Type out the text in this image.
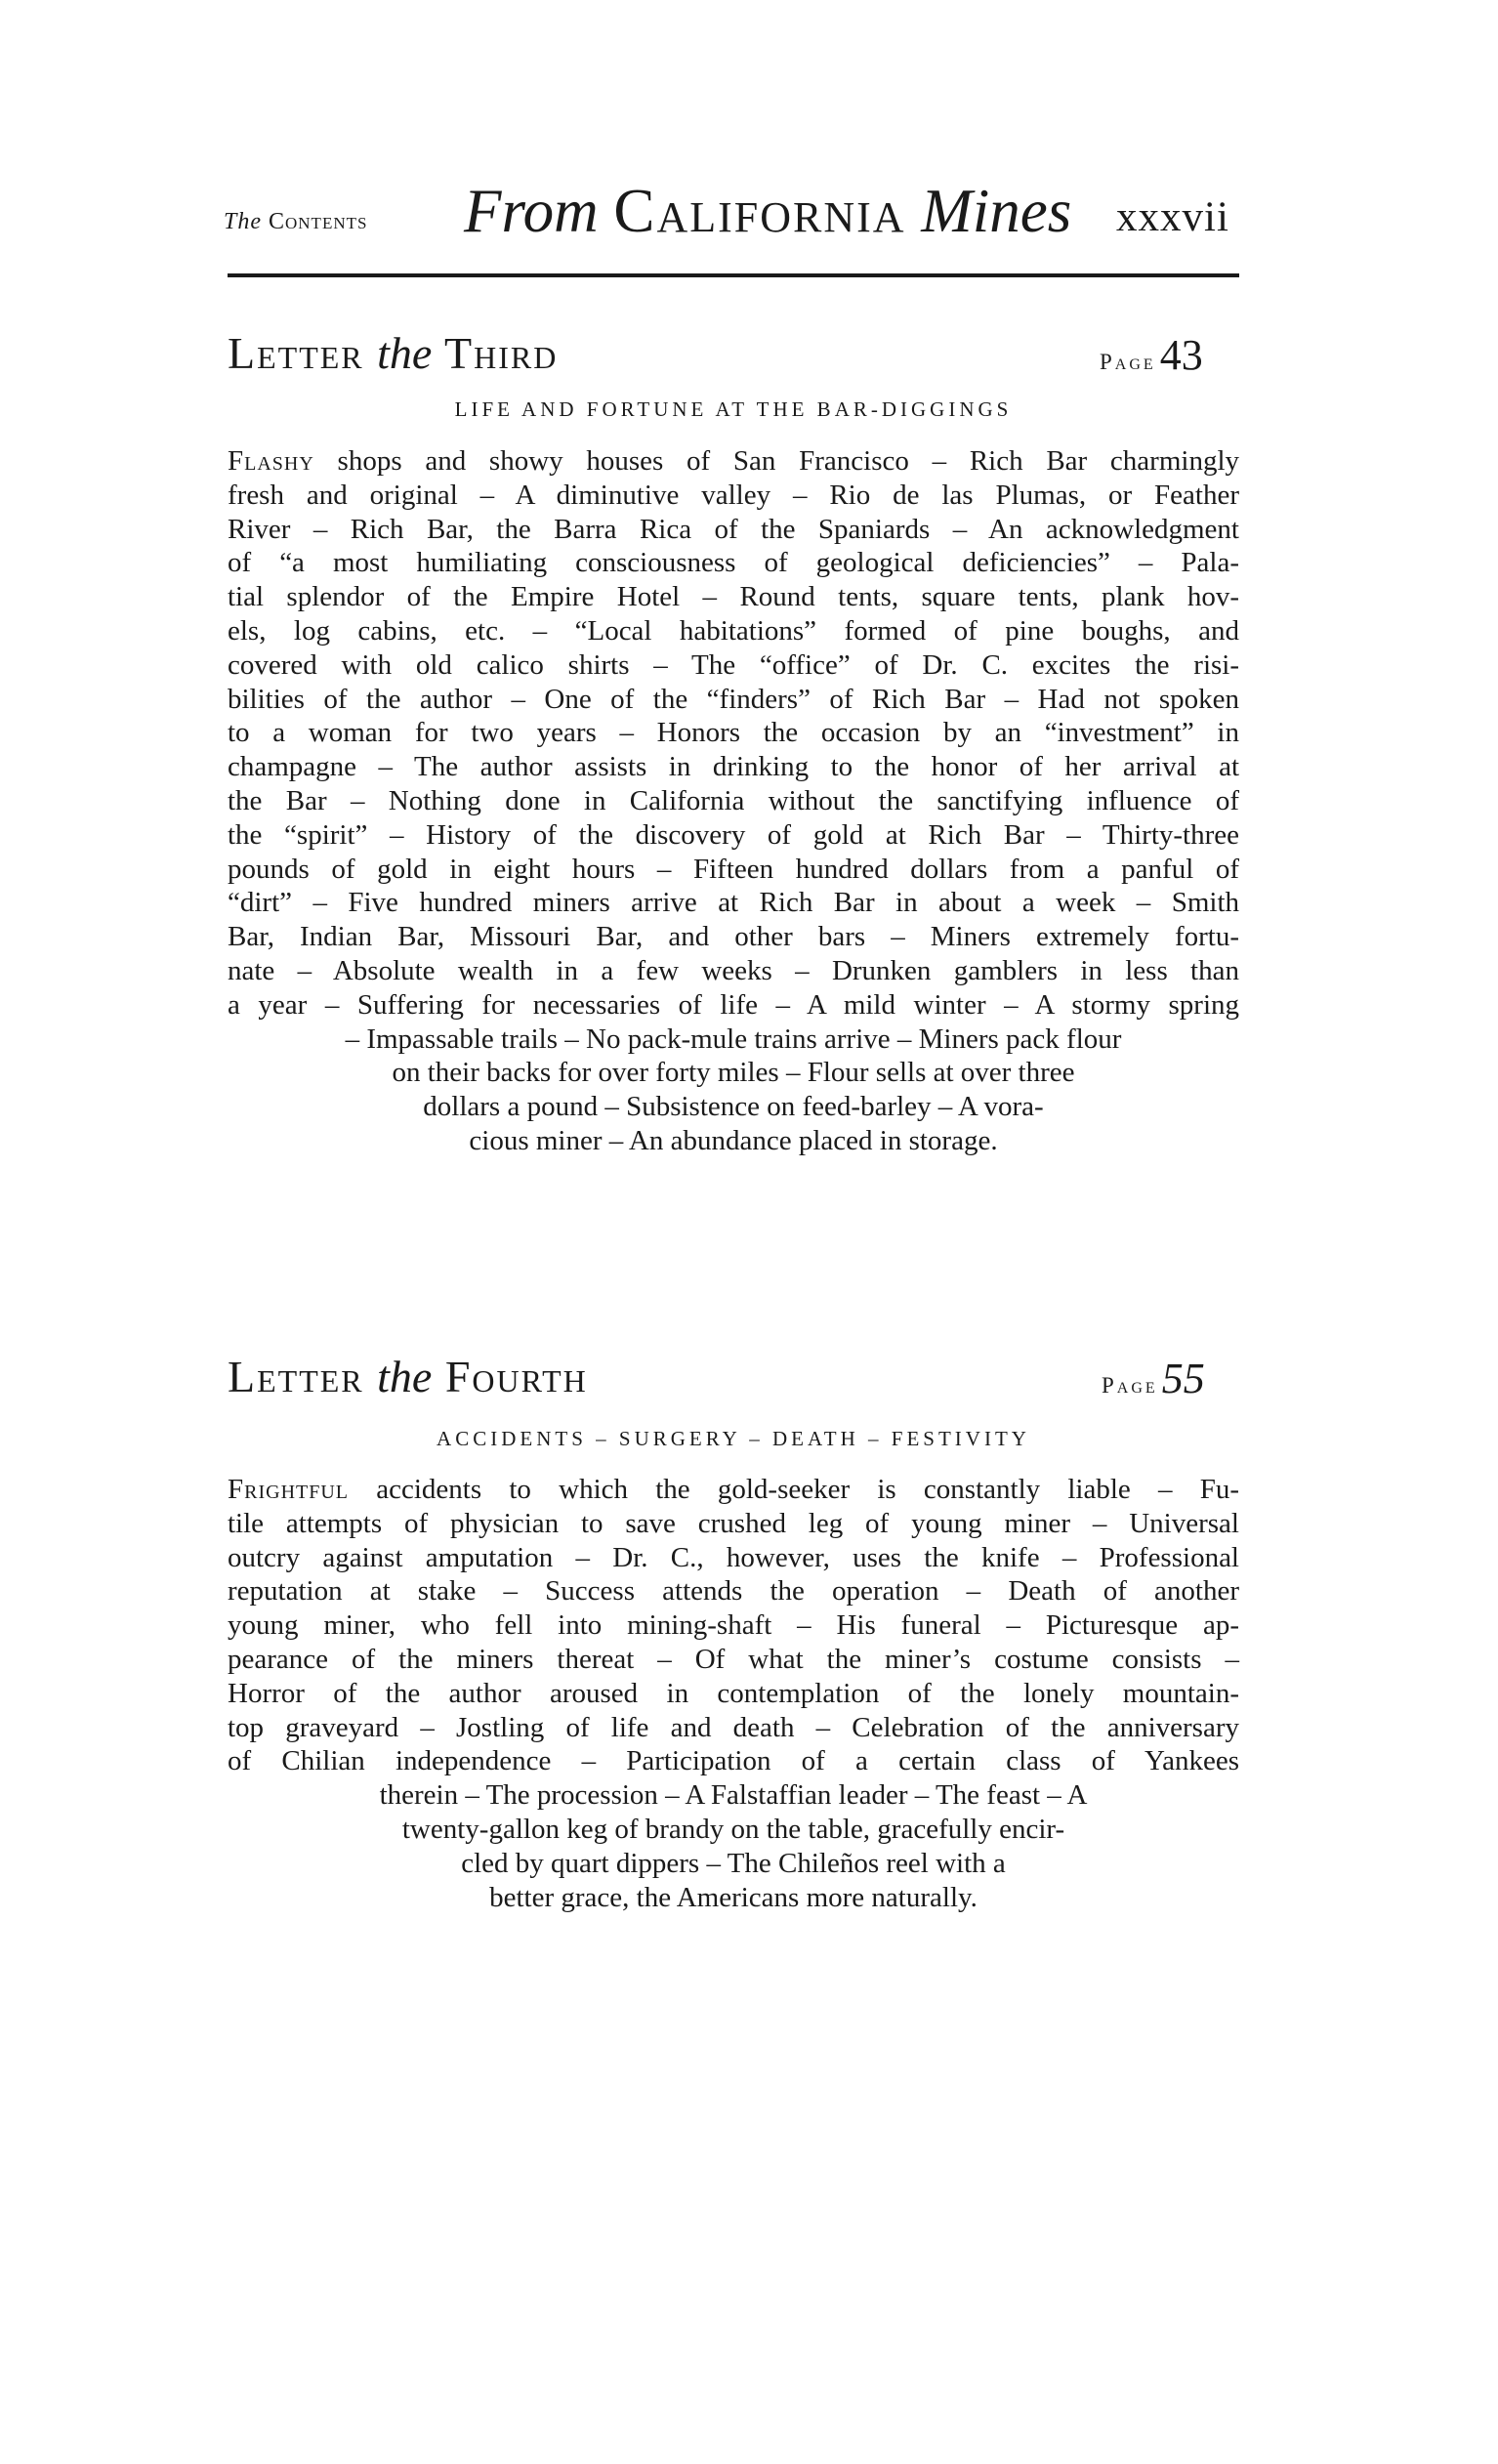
The Contents From California Mines xxxvii
Letter the Third	Page 43
LIFE AND FORTUNE AT THE BAR-DIGGINGS
Flashy shops and showy houses of San Francisco – Rich Bar charmingly
fresh and original – A diminutive valley – Rio de las Plumas, or Feather
River – Rich Bar, the Barra Rica of the Spaniards – An acknowledgment
of “a most humiliating consciousness of geological deficiencies” – Pala-
tial splendor of the Empire Hotel – Round tents, square tents, plank hov-
els, log cabins, etc. – “Local habitations” formed of pine boughs, and
covered with old calico shirts – The “office” of Dr. C. excites the risi-
bilities of the author – One of the “finders” of Rich Bar – Had not spoken
to a woman for two years – Honors the occasion by an “investment” in
champagne – The author assists in drinking to the honor of her arrival at
the Bar – Nothing done in California without the sanctifying influence of
the “spirit” – History of the discovery of gold at Rich Bar – Thirty-three
pounds of gold in eight hours – Fifteen hundred dollars from a panful of
“dirt” – Five hundred miners arrive at Rich Bar in about a week – Smith
Bar, Indian Bar, Missouri Bar, and other bars – Miners extremely fortu-
nate – Absolute wealth in a few weeks – Drunken gamblers in less than
a year – Suffering for necessaries of life – A mild winter – A stormy spring
– Impassable trails – No pack-mule trains arrive – Miners pack flour
on their backs for over forty miles – Flour sells at over three
dollars a pound – Subsistence on feed-barley – A vora-
cious miner – An abundance placed in storage.
Letter the Fourth	Page 55
ACCIDENTS – SURGERY – DEATH – FESTIVITY
Frightful accidents to which the gold-seeker is constantly liable – Fu-
tile attempts of physician to save crushed leg of young miner – Universal
outcry against amputation – Dr. C., however, uses the knife – Professional
reputation at stake – Success attends the operation – Death of another
young miner, who fell into mining-shaft – His funeral – Picturesque ap-
pearance of the miners thereat – Of what the miner’s costume consists –
Horror of the author aroused in contemplation of the lonely mountain-
top graveyard – Jostling of life and death – Celebration of the anniversary
of Chilian independence – Participation of a certain class of Yankees
therein – The procession – A Falstaffian leader – The feast – A
twenty-gallon keg of brandy on the table, gracefully encir-
cled by quart dippers – The Chileños reel with a
better grace, the Americans more naturally.
